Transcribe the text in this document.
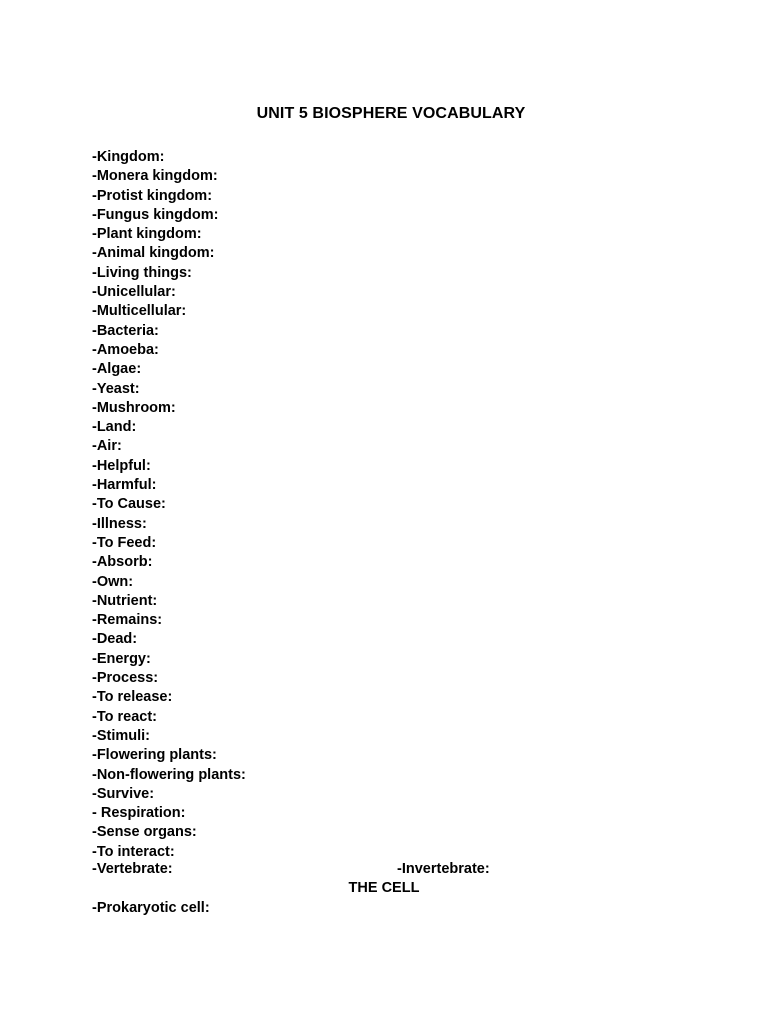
UNIT 5 BIOSPHERE VOCABULARY
-Kingdom:
-Monera kingdom:
-Protist kingdom:
-Fungus kingdom:
-Plant kingdom:
-Animal kingdom:
-Living things:
-Unicellular:
-Multicellular:
-Bacteria:
-Amoeba:
-Algae:
-Yeast:
-Mushroom:
-Land:
-Air:
-Helpful:
-Harmful:
-To Cause:
-Illness:
-To Feed:
-Absorb:
-Own:
-Nutrient:
-Remains:
-Dead:
-Energy:
-Process:
-To release:
-To react:
-Stimuli:
-Flowering plants:
-Non-flowering plants:
-Survive:
- Respiration:
-Sense organs:
-To interact:
-Vertebrate:	-Invertebrate:
THE CELL
-Prokaryotic cell:
